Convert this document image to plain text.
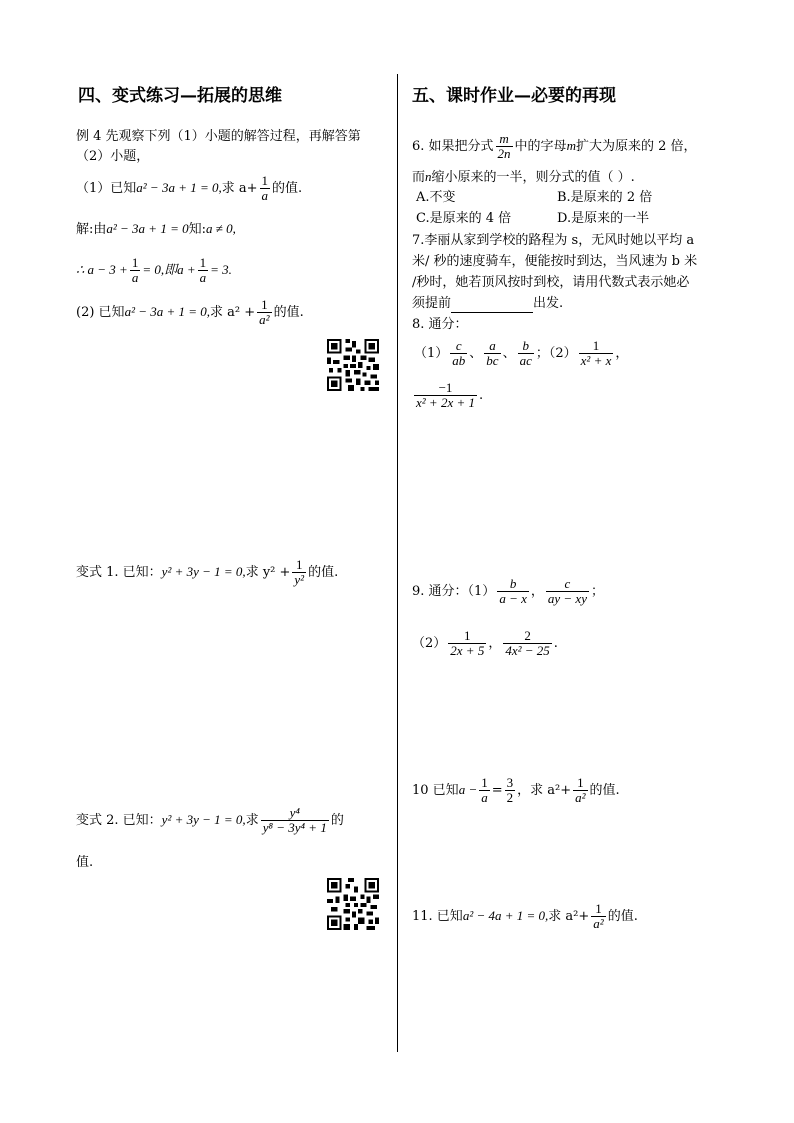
四、变式练习—拓展的思维
例 4 先观察下列（1）小题的解答过程，再解答第
（2）小题，
（1）已知a² − 3a + 1 = 0,求 $a+ \frac{1}{a}$ 的值.
解:由a² − 3a + 1 = 0知:a ≠ 0,
∴ $a - 3 + \frac{1}{a} = 0$,即$a + \frac{1}{a} = 3$.
(2) 已知a² − 3a + 1 = 0,求 $a^2 + \frac{1}{\text{a²}}$ 的值.
变式 1. 已知：y² + 3y − 1 = 0,求 $y^2 + \frac{1}{\text{y²}}$ 的值.
变式 2. 已知：y² + 3y − 1 = 0,求 $\frac{\text{y⁴}}{\text{y⁸ − 3y⁴ + 1}}$ 的
值.
五、课时作业—必要的再现
6. 如果把分式 $\frac{m}{2n}$ 中的字母m扩大为原来的 2 倍，
而n缩小原来的一半，则分式的值（ ）.
A.不变	B.是原来的 2 倍
C.是原来的 4 倍	D.是原来的一半
7.李丽从家到学校的路程为 s，无风时她以平均 a
米/ 秒的速度骑车，便能按时到达，当风速为 b 米
/秒时，她若顶风按时到校，请用代数式表示她必
须提前	出发.
8. 通分：
$(1) \frac{c}{ab}$ 、 $\frac{a}{bc}$ 、 $\frac{b}{ac}$ ；$(2) \frac{1}{\text{x² + x}}$ ，
$\frac{-1}{\text{x² + 2x + 1}}$ .
9. 通分：$(1) \frac{b}{a - x}$ ， $\frac{c}{ay - xy}$ ；
$(2) \frac{1}{2x + 5}$ ， $\frac{2}{\text{4x² − 25}}$ .
10 已知$a - \frac{1}{a} = \frac{3}{2}$ ，求 $a^2+ \frac{1}{\text{a²}}$ 的值.
11. 已知a² − 4a + 1 = 0,求 $a^2+ \frac{1}{\text{a²}}$ 的值.
